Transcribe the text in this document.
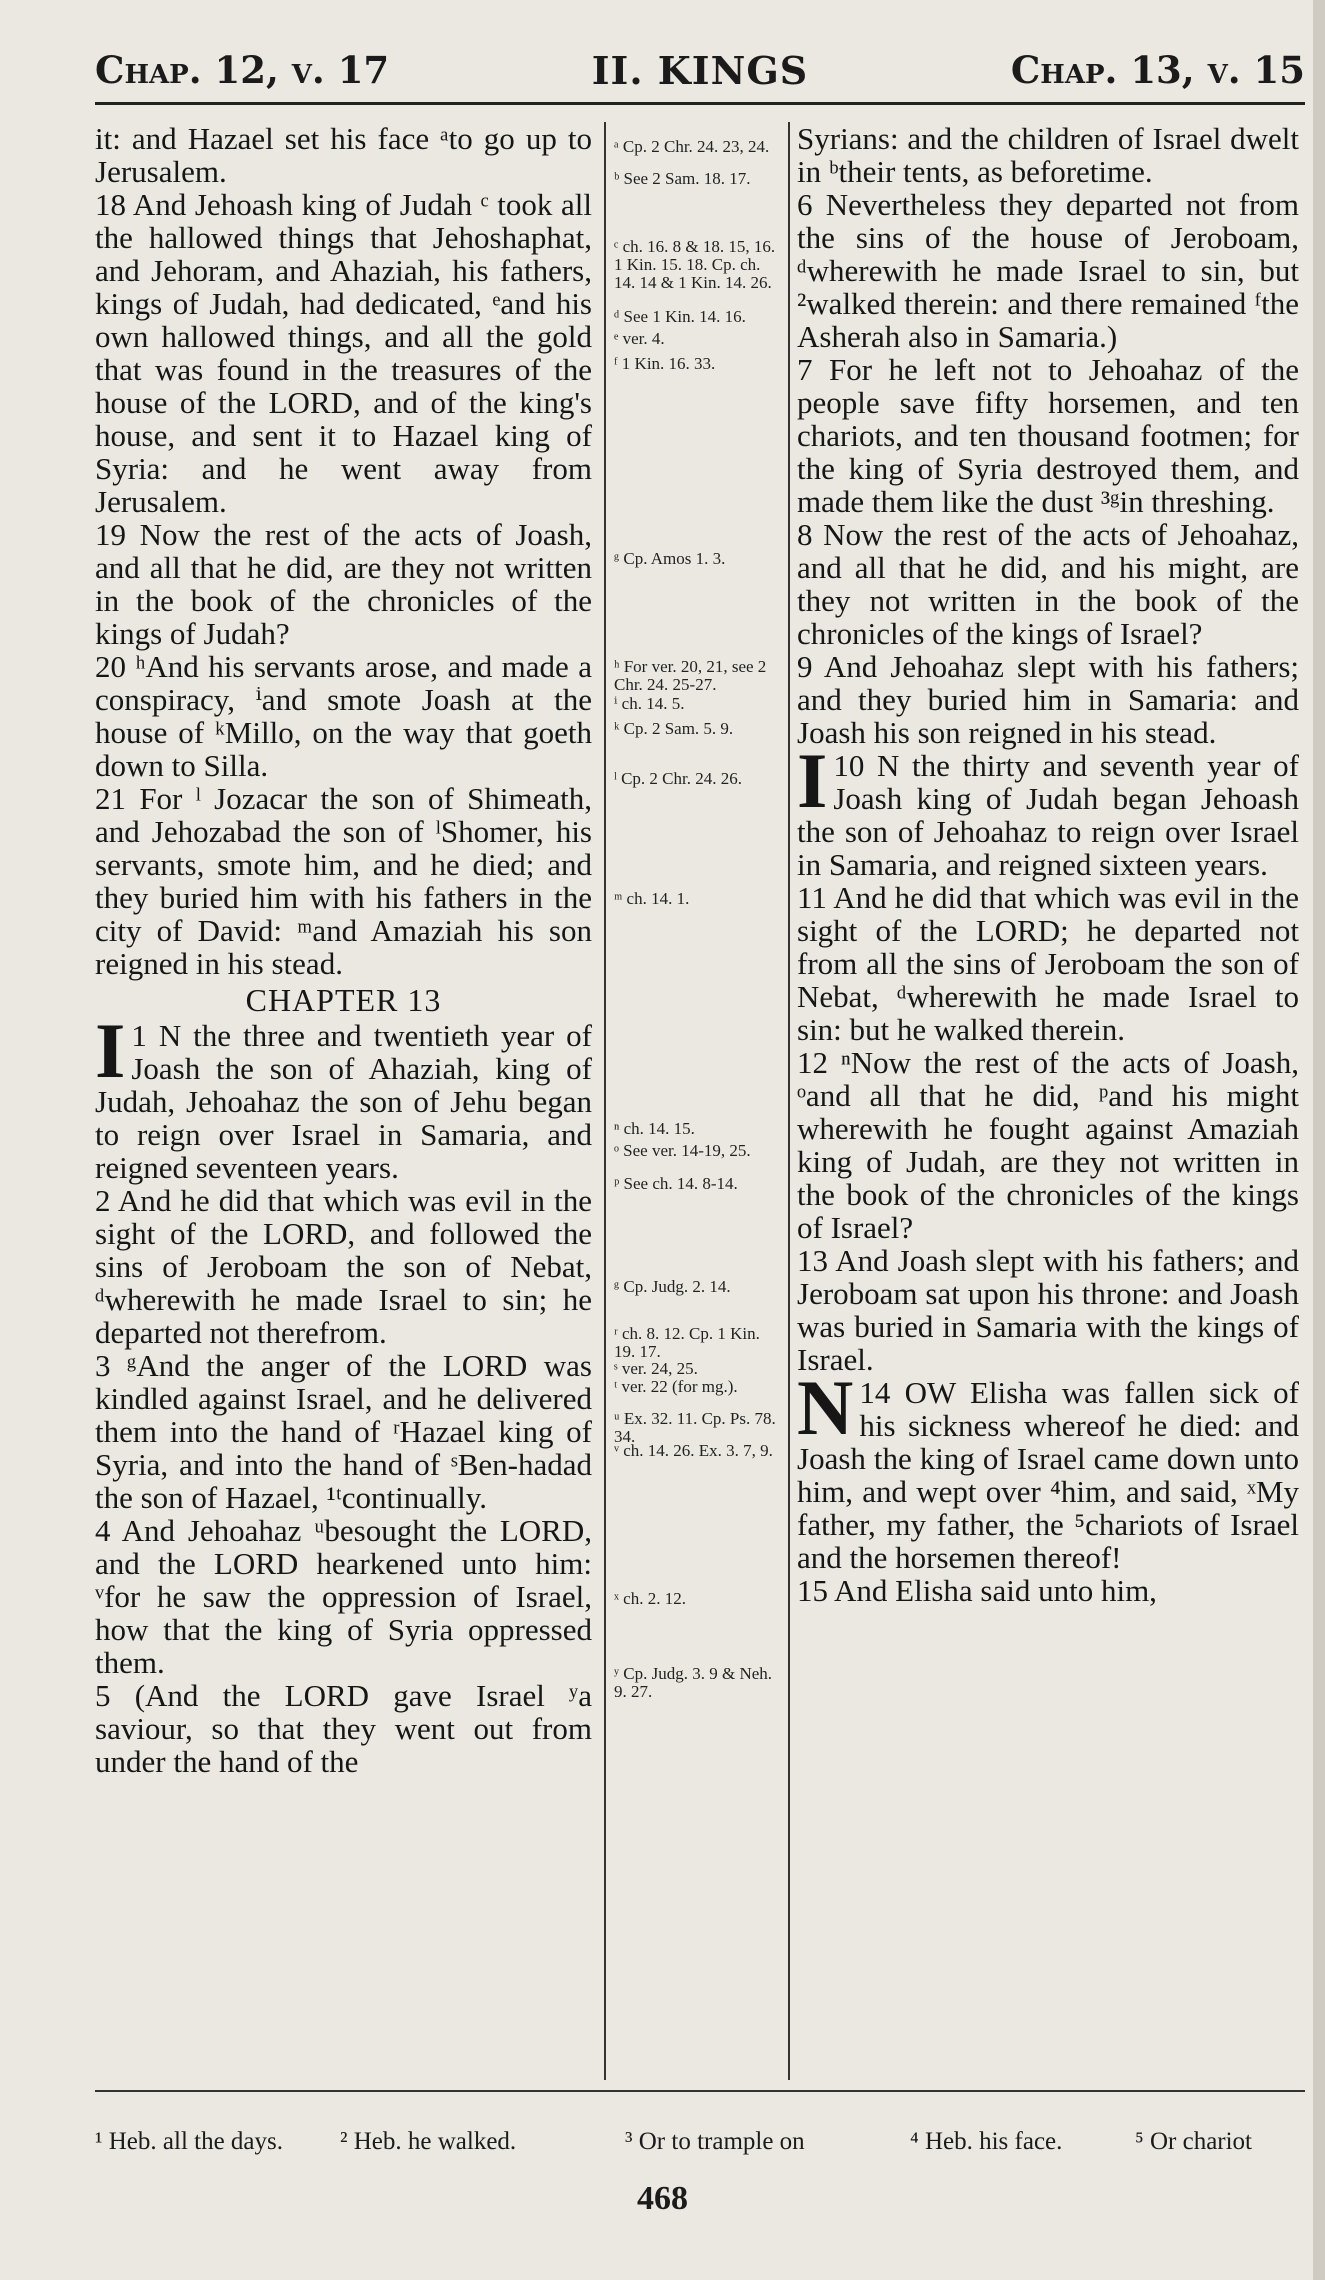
Chap. 12, v. 17	II. KINGS	Chap. 13, v. 15

it: and Hazael set his face ᵃto go up to Jerusalem.

18 And Jehoash king of Judah ᶜ took all the hallowed things that Jehoshaphat, and Jehoram, and Ahaziah, his fathers, kings of Judah, had dedicated, ᵉand his own hallowed things, and all the gold that was found in the treasures of the house of the LORD, and of the king's house, and sent it to Hazael king of Syria: and he went away from Jerusalem.

19 Now the rest of the acts of Joash, and all that he did, are they not written in the book of the chronicles of the kings of Judah?

20 ʰAnd his servants arose, and made a conspiracy, ⁱand smote Joash at the house of ᵏMillo, on the way that goeth down to Silla.

21 For ˡ Jozacar the son of Shimeath, and Jehozabad the son of ˡShomer, his servants, smote him, and he died; and they buried him with his fathers in the city of David: ᵐand Amaziah his son reigned in his stead.

CHAPTER 13

1
I N the three and twentieth year of Joash the son of Ahaziah, king of Judah, Jehoahaz the son of Jehu began to reign over Israel in Samaria, and reigned seventeen years.

2 And he did that which was evil in the sight of the LORD, and followed the sins of Jeroboam the son of Nebat, ᵈwherewith he made Israel to sin; he departed not therefrom.

3 ᵍAnd the anger of the LORD was kindled against Israel, and he delivered them into the hand of ʳHazael king of Syria, and into the hand of ˢBen-hadad the son of Hazael, ¹ᵗcontinually.

4 And Jehoahaz ᵘbesought the LORD, and the LORD hearkened unto him: ᵛfor he saw the oppression of Israel, how that the king of Syria oppressed them.

5 (And the LORD gave Israel ʸa saviour, so that they went out from under the hand of the

ᵃ Cp. 2 Chr. 24. 23, 24.
ᵇ See 2 Sam. 18. 17.
ᶜ ch. 16. 8 & 18. 15, 16. 1 Kin. 15. 18. Cp. ch. 14. 14 & 1 Kin. 14. 26.
ᵈ See 1 Kin. 14. 16.
ᵉ ver. 4.
ᶠ 1 Kin. 16. 33.
ᵍ Cp. Amos 1. 3.
ʰ For ver. 20, 21, see 2 Chr. 24. 25-27.
ⁱ ch. 14. 5.
ᵏ Cp. 2 Sam. 5. 9.
ˡ Cp. 2 Chr. 24. 26.
ᵐ ch. 14. 1.
ⁿ ch. 14. 15.
ᵒ See ver. 14-19, 25.
ᵖ See ch. 14. 8-14.
ᵍ Cp. Judg. 2. 14.
ʳ ch. 8. 12. Cp. 1 Kin. 19. 17.
ˢ ver. 24, 25.
ᵗ ver. 22 (for mg.).
ᵘ Ex. 32. 11. Cp. Ps. 78. 34.
ᵛ ch. 14. 26. Ex. 3. 7, 9.
ˣ ch. 2. 12.
ʸ Cp. Judg. 3. 9 & Neh. 9. 27.

Syrians: and the children of Israel dwelt in ᵇtheir tents, as beforetime.

6 Nevertheless they departed not from the sins of the house of Jeroboam, ᵈwherewith he made Israel to sin, but ²walked therein: and there remained ᶠthe Asherah also in Samaria.)

7 For he left not to Jehoahaz of the people save fifty horsemen, and ten chariots, and ten thousand footmen; for the king of Syria destroyed them, and made them like the dust ³ᵍin threshing.

8 Now the rest of the acts of Jehoahaz, and all that he did, and his might, are they not written in the book of the chronicles of the kings of Israel?

9 And Jehoahaz slept with his fathers; and they buried him in Samaria: and Joash his son reigned in his stead.

10
I N the thirty and seventh year of Joash king of Judah began Jehoash the son of Jehoahaz to reign over Israel in Samaria, and reigned sixteen years.

11 And he did that which was evil in the sight of the LORD; he departed not from all the sins of Jeroboam the son of Nebat, ᵈwherewith he made Israel to sin: but he walked therein.

12 ⁿNow the rest of the acts of Joash, ᵒand all that he did, ᵖand his might wherewith he fought against Amaziah king of Judah, are they not written in the book of the chronicles of the kings of Israel?

13 And Joash slept with his fathers; and Jeroboam sat upon his throne: and Joash was buried in Samaria with the kings of Israel.

14
N OW Elisha was fallen sick of his sickness whereof he died: and Joash the king of Israel came down unto him, and wept over ⁴him, and said, ˣMy father, my father, the ⁵chariots of Israel and the horsemen thereof!

15 And Elisha said unto him,

¹ Heb. all the days. ² Heb. he walked.	³ Or to trample on	⁴ Heb. his face.	⁵ Or chariot
468
